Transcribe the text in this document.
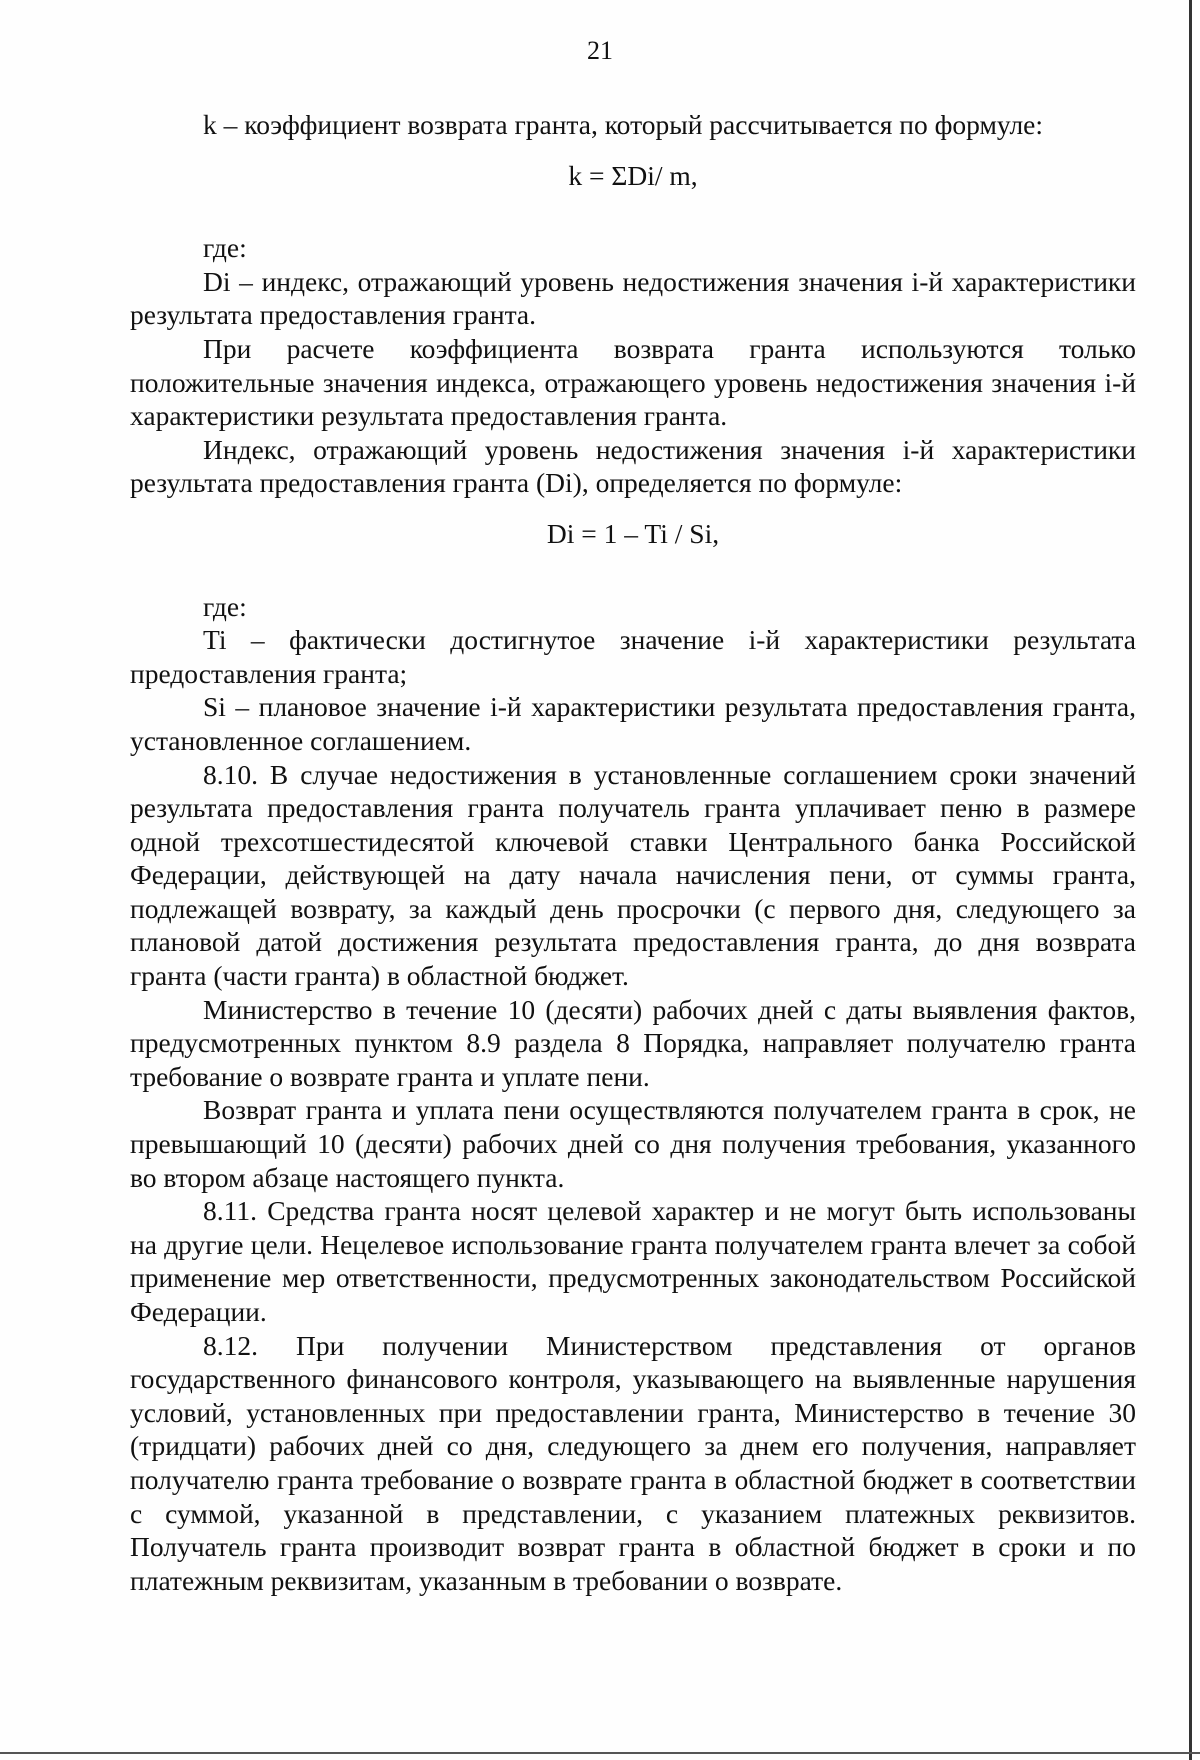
21

k – коэффициент возврата гранта, который рассчитывается по формуле:

k = ΣDi/ m,

где:

Di – индекс, отражающий уровень недостижения значения i-й характеристики результата предоставления гранта.

При расчете коэффициента возврата гранта используются только положительные значения индекса, отражающего уровень недостижения значения i-й характеристики результата предоставления гранта.

Индекс, отражающий уровень недостижения значения i-й характеристики результата предоставления гранта (Di), определяется по формуле:

Di = 1 – Ti / Si,

где:

Ti – фактически достигнутое значение i-й характеристики результата предоставления гранта;

Si – плановое значение i-й характеристики результата предоставления гранта, установленное соглашением.

8.10. В случае недостижения в установленные соглашением сроки значений результата предоставления гранта получатель гранта уплачивает пеню в размере одной трехсотшестидесятой ключевой ставки Центрального банка Российской Федерации, действующей на дату начала начисления пени, от суммы гранта, подлежащей возврату, за каждый день просрочки (с первого дня, следующего за плановой датой достижения результата предоставления гранта, до дня возврата гранта (части гранта) в областной бюджет.

Министерство в течение 10 (десяти) рабочих дней с даты выявления фактов, предусмотренных пунктом 8.9 раздела 8 Порядка, направляет получателю гранта требование о возврате гранта и уплате пени.

Возврат гранта и уплата пени осуществляются получателем гранта в срок, не превышающий 10 (десяти) рабочих дней со дня получения требования, указанного во втором абзаце настоящего пункта.

8.11. Средства гранта носят целевой характер и не могут быть использованы на другие цели. Нецелевое использование гранта получателем гранта влечет за собой применение мер ответственности, предусмотренных законодательством Российской Федерации.

8.12. При получении Министерством представления от органов государственного финансового контроля, указывающего на выявленные нарушения условий, установленных при предоставлении гранта, Министерство в течение 30 (тридцати) рабочих дней со дня, следующего за днем его получения, направляет получателю гранта требование о возврате гранта в областной бюджет в соответствии с суммой, указанной в представлении, с указанием платежных реквизитов. Получатель гранта производит возврат гранта в областной бюджет в сроки и по платежным реквизитам, указанным в требовании о возврате.
